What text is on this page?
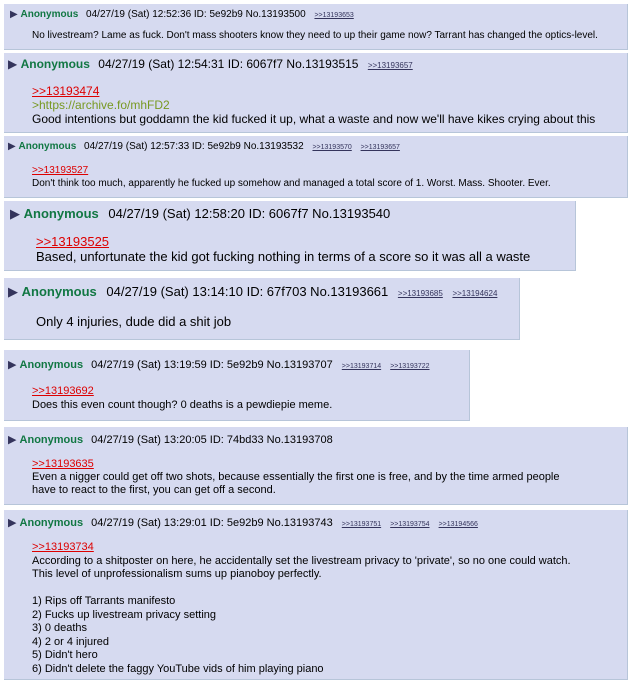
▶ Anonymous 04/27/19 (Sat) 12:52:36 ID: 5e92b9 No.13193500 >>13193653
No livestream? Lame as fuck. Don't mass shooters know they need to up their game now? Tarrant has changed the optics-level.
▶ Anonymous 04/27/19 (Sat) 12:54:31 ID: 6067f7 No.13193515 >>13193657
>>13193474
>https://archive.fo/mhFD2
Good intentions but goddamn the kid fucked it up, what a waste and now we'll have kikes crying about this
▶ Anonymous 04/27/19 (Sat) 12:57:33 ID: 5e92b9 No.13193532 >>13193570 >>13193657
>>13193527
Don't think too much, apparently he fucked up somehow and managed a total score of 1. Worst. Mass. Shooter. Ever.
▶ Anonymous 04/27/19 (Sat) 12:58:20 ID: 6067f7 No.13193540
>>13193525
Based, unfortunate the kid got fucking nothing in terms of a score so it was all a waste
▶ Anonymous 04/27/19 (Sat) 13:14:10 ID: 67f703 No.13193661 >>13193685 >>13194624
Only 4 injuries, dude did a shit job
▶ Anonymous 04/27/19 (Sat) 13:19:59 ID: 5e92b9 No.13193707 >>13193714 >>13193722
>>13193692
Does this even count though? 0 deaths is a pewdiepie meme.
▶ Anonymous 04/27/19 (Sat) 13:20:05 ID: 74bd33 No.13193708
>>13193635
Even a nigger could get off two shots, because essentially the first one is free, and by the time armed people
have to react to the first, you can get off a second.
▶ Anonymous 04/27/19 (Sat) 13:29:01 ID: 5e92b9 No.13193743 >>13193751 >>13193754 >>13194566
>>13193734
According to a shitposter on here, he accidentally set the livestream privacy to 'private', so no one could watch.
This level of unprofessionalism sums up pianoboy perfectly.
1) Rips off Tarrants manifesto
2) Fucks up livestream privacy setting
3) 0 deaths
4) 2 or 4 injured
5) Didn't hero
6) Didn't delete the faggy YouTube vids of him playing piano
